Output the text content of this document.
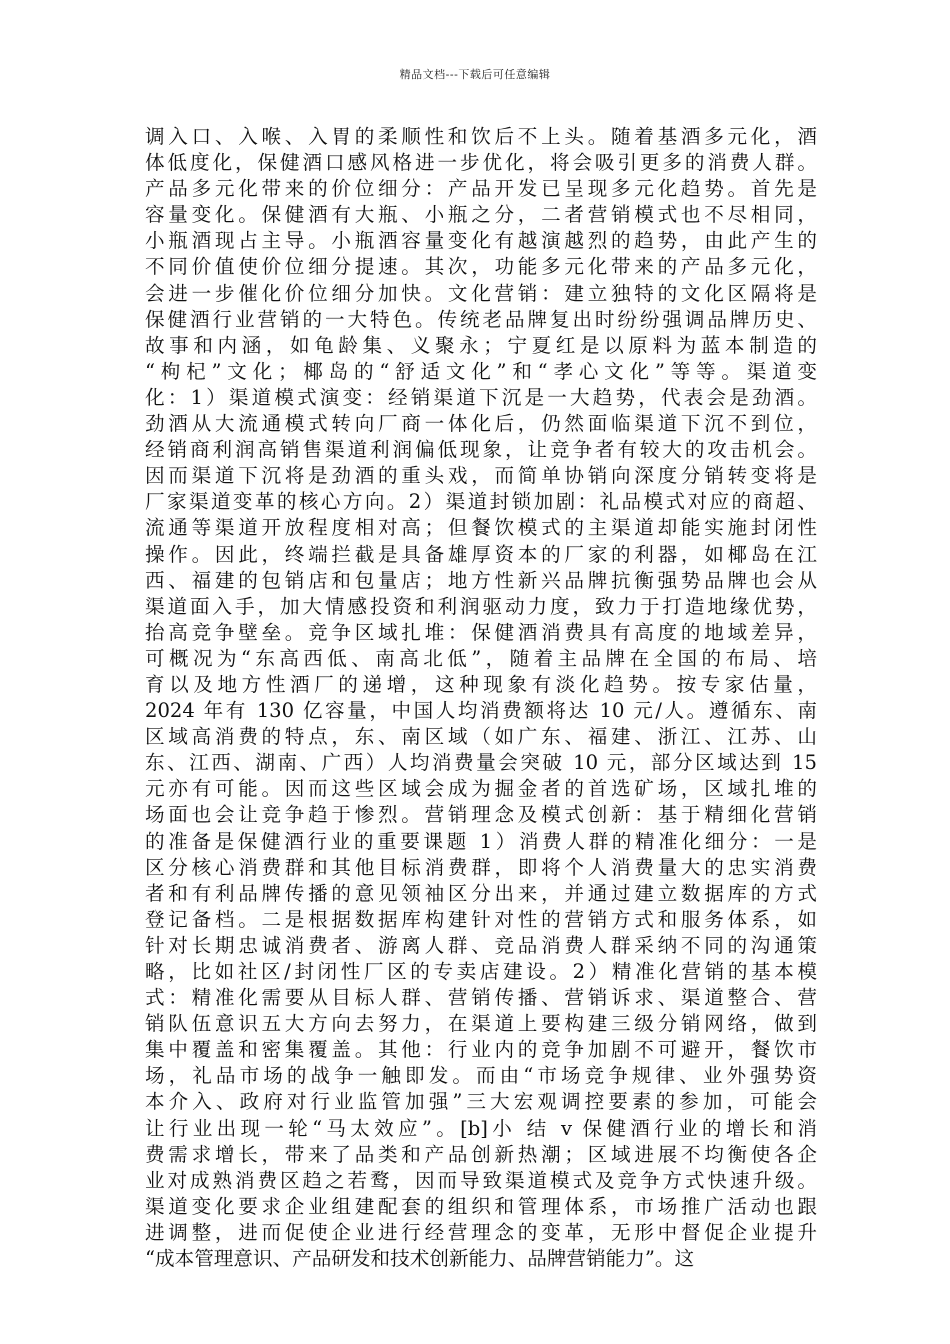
精品文档---下载后可任意编辑
调入口、入喉、入胃的柔顺性和饮后不上头。随着基酒多元化，酒
体低度化，保健酒口感风格进一步优化，将会吸引更多的消费人群。
产品多元化带来的价位细分：产品开发已呈现多元化趋势。首先是
容量变化。保健酒有大瓶、小瓶之分，二者营销模式也不尽相同，
小瓶酒现占主导。小瓶酒容量变化有越演越烈的趋势，由此产生的
不同价值使价位细分提速。其次，功能多元化带来的产品多元化，
会进一步催化价位细分加快。文化营销：建立独特的文化区隔将是
保健酒行业营销的一大特色。传统老品牌复出时纷纷强调品牌历史、
故事和内涵，如龟龄集、义聚永；宁夏红是以原料为蓝本制造的
“枸杞”文化；椰岛的“舒适文化”和“孝心文化”等等。渠道变
化：1）渠道模式演变：经销渠道下沉是一大趋势，代表会是劲酒。
劲酒从大流通模式转向厂商一体化后，仍然面临渠道下沉不到位，
经销商利润高销售渠道利润偏低现象，让竞争者有较大的攻击机会。
因而渠道下沉将是劲酒的重头戏，而简单协销向深度分销转变将是
厂家渠道变革的核心方向。2）渠道封锁加剧：礼品模式对应的商超、
流通等渠道开放程度相对高；但餐饮模式的主渠道却能实施封闭性
操作。因此，终端拦截是具备雄厚资本的厂家的利器，如椰岛在江
西、福建的包销店和包量店；地方性新兴品牌抗衡强势品牌也会从
渠道面入手，加大情感投资和利润驱动力度，致力于打造地缘优势，
抬高竞争壁垒。竞争区域扎堆：保健酒消费具有高度的地域差异，
可概况为“东高西低、南高北低”，随着主品牌在全国的布局、培
育以及地方性酒厂的递增，这种现象有淡化趋势。按专家估量，
2024 年有 130 亿容量，中国人均消费额将达 10 元/人。遵循东、南
区域高消费的特点，东、南区域（如广东、福建、浙江、江苏、山
东、江西、湖南、广西）人均消费量会突破 10 元，部分区域达到 15
元亦有可能。因而这些区域会成为掘金者的首选矿场，区域扎堆的
场面也会让竞争趋于惨烈。营销理念及模式创新：基于精细化营销
的准备是保健酒行业的重要课题 1）消费人群的精准化细分：一是
区分核心消费群和其他目标消费群，即将个人消费量大的忠实消费
者和有利品牌传播的意见领袖区分出来，并通过建立数据库的方式
登记备档。二是根据数据库构建针对性的营销方式和服务体系，如
针对长期忠诚消费者、游离人群、竞品消费人群采纳不同的沟通策
略，比如社区/封闭性厂区的专卖店建设。2）精准化营销的基本模
式：精准化需要从目标人群、营销传播、营销诉求、渠道整合、营
销队伍意识五大方向去努力，在渠道上要构建三级分销网络，做到
集中覆盖和密集覆盖。其他：行业内的竞争加剧不可避开，餐饮市
场，礼品市场的战争一触即发。而由“市场竞争规律、业外强势资
本介入、政府对行业监管加强”三大宏观调控要素的参加，可能会
让行业出现一轮“马太效应”。[b]小 结 v 保健酒行业的增长和消
费需求增长，带来了品类和产品创新热潮；区域进展不均衡使各企
业对成熟消费区趋之若鹜，因而导致渠道模式及竞争方式快速升级。
渠道变化要求企业组建配套的组织和管理体系，市场推广活动也跟
进调整，进而促使企业进行经营理念的变革，无形中督促企业提升
“成本管理意识、产品研发和技术创新能力、品牌营销能力”。这
